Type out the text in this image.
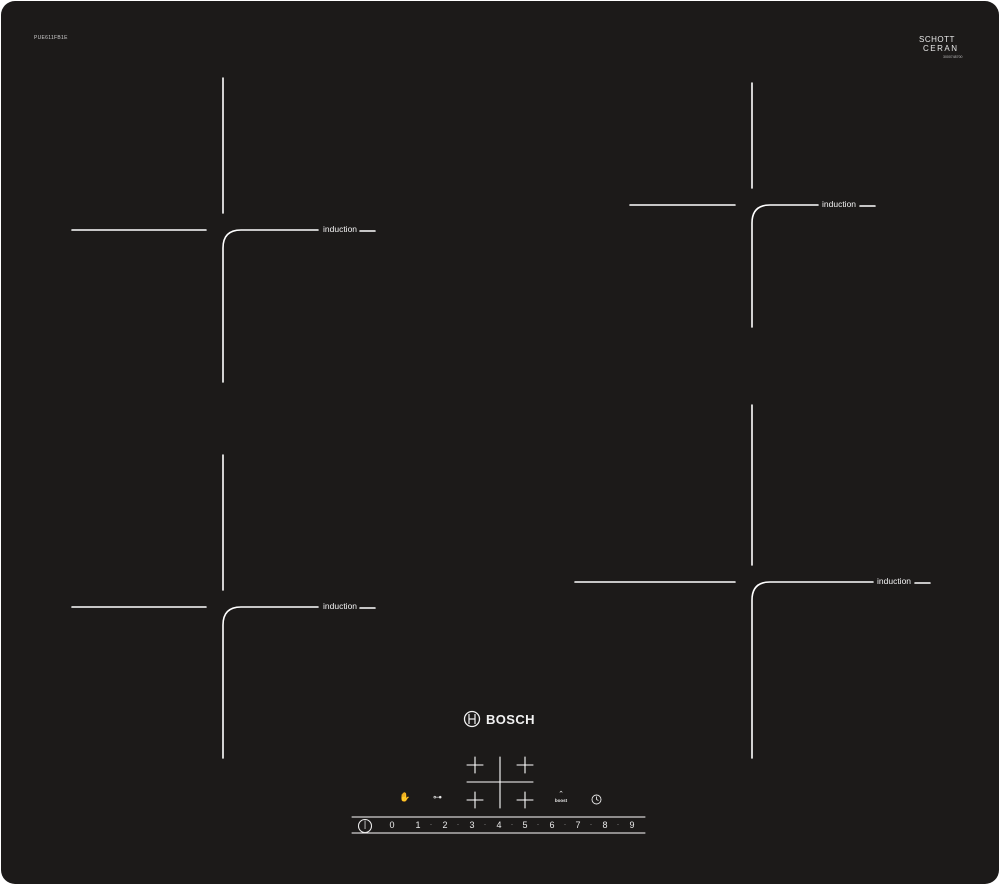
PUE611FB1E	SCHOTT
CERAN
3000748700
induction
induction
induction
induction
BOSCH
✋	⊶	⌃
boost
|	0	1	·	2	·	3	·	4	·	5	·	6	·	7	·	8	·	9
